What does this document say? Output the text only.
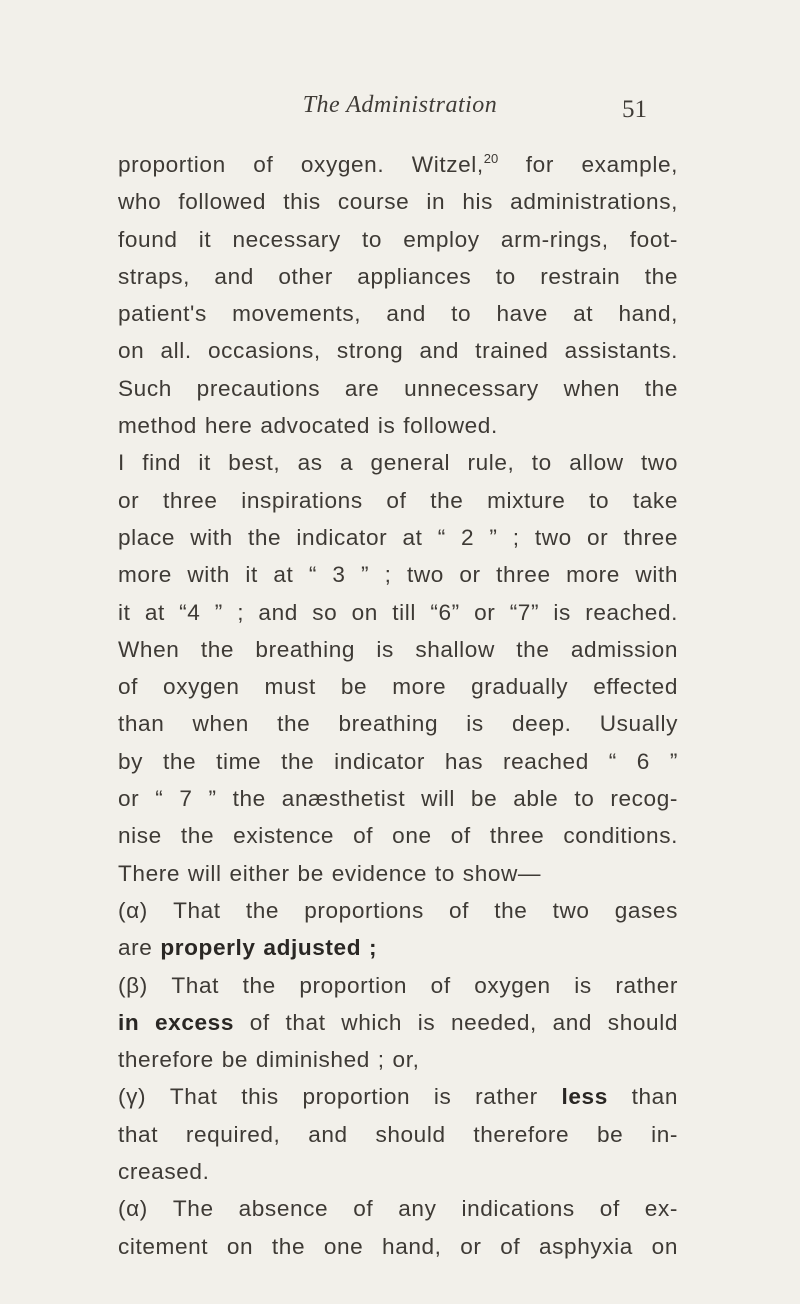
The Administration	51
proportion of oxygen. Witzel,$^{20}$ for example,
who followed this course in his administrations,
found it necessary to employ arm-rings, foot-
straps, and other appliances to restrain the
patient's movements, and to have at hand,
on all. occasions, strong and trained assistants.
Such precautions are unnecessary when the
method here advocated is followed.
I find it best, as a general rule, to allow two
or three inspirations of the mixture to take
place with the indicator at “ 2 ” ; two or three
more with it at “ 3 ” ; two or three more with
it at “4 ” ; and so on till “6” or “7” is reached.
When the breathing is shallow the admission
of oxygen must be more gradually effected
than when the breathing is deep. Usually
by the time the indicator has reached “ 6 ”
or “ 7 ” the anæsthetist will be able to recog-
nise the existence of one of three conditions.
There will either be evidence to show—
(α) That the proportions of the two gases
are properly adjusted ;
(β) That the proportion of oxygen is rather
in excess of that which is needed, and should
therefore be diminished ; or,
(γ) That this proportion is rather less than
that required, and should therefore be in-
creased.
(α) The absence of any indications of ex-
citement on the one hand, or of asphyxia on
